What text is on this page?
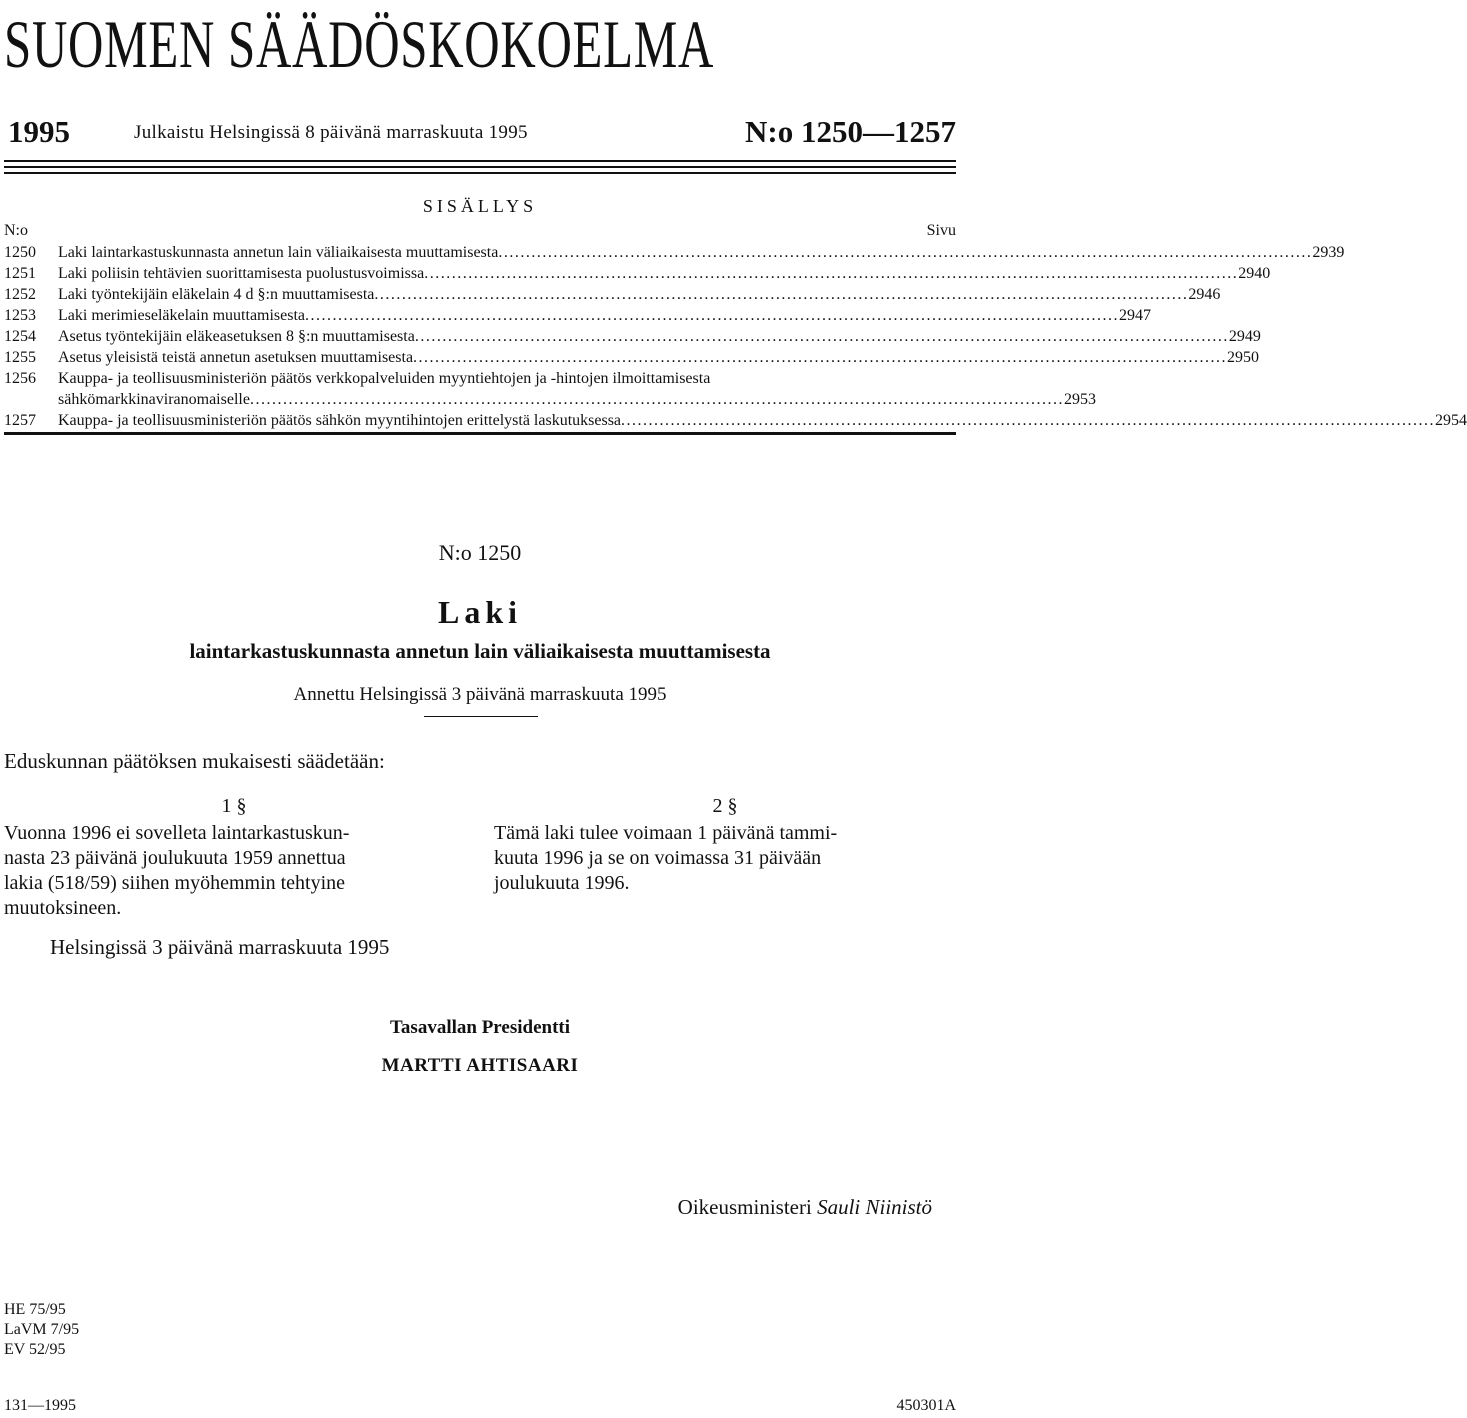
SUOMEN SÄÄDÖSKOKOELMA
1995	Julkaistu Helsingissä 8 päivänä marraskuuta 1995	N:o 1250—1257
SISÄLLYS
N:o	Sivu
1250	Laki laintarkastuskunnasta annetun lain väliaikaisesta muuttamisesta .................................................................................................................................................... 2939
1251	Laki poliisin tehtävien suorittamisesta puolustusvoimissa .................................................................................................................................................... 2940
1252	Laki työntekijäin eläkelain 4 d §:n muuttamisesta .................................................................................................................................................... 2946
1253	Laki merimieseläkelain muuttamisesta .................................................................................................................................................... 2947
1254	Asetus työntekijäin eläkeasetuksen 8 §:n muuttamisesta .................................................................................................................................................... 2949
1255	Asetus yleisistä teistä annetun asetuksen muuttamisesta .................................................................................................................................................... 2950
1256	Kauppa- ja teollisuusministeriön päätös verkkopalveluiden myyntiehtojen ja -hintojen ilmoittamisesta
sähkömarkkinaviranomaiselle .................................................................................................................................................... 2953
1257	Kauppa- ja teollisuusministeriön päätös sähkön myyntihintojen erittelystä laskutuksessa .................................................................................................................................................... 2954
N:o 1250
Laki
laintarkastuskunnasta annetun lain väliaikaisesta muuttamisesta
Annettu Helsingissä 3 päivänä marraskuuta 1995
Eduskunnan päätöksen mukaisesti säädetään:
1 §
Vuonna 1996 ei sovelleta laintarkastuskun-
nasta 23 päivänä joulukuuta 1959 annettua
lakia (518/59) siihen myöhemmin tehtyine
muutoksineen.
2 §
Tämä laki tulee voimaan 1 päivänä tammi-
kuuta 1996 ja se on voimassa 31 päivään
joulukuuta 1996.
Helsingissä 3 päivänä marraskuuta 1995
Tasavallan Presidentti
MARTTI AHTISAARI
Oikeusministeri Sauli Niinistö
HE 75/95
LaVM 7/95
EV 52/95
131—1995	450301A
